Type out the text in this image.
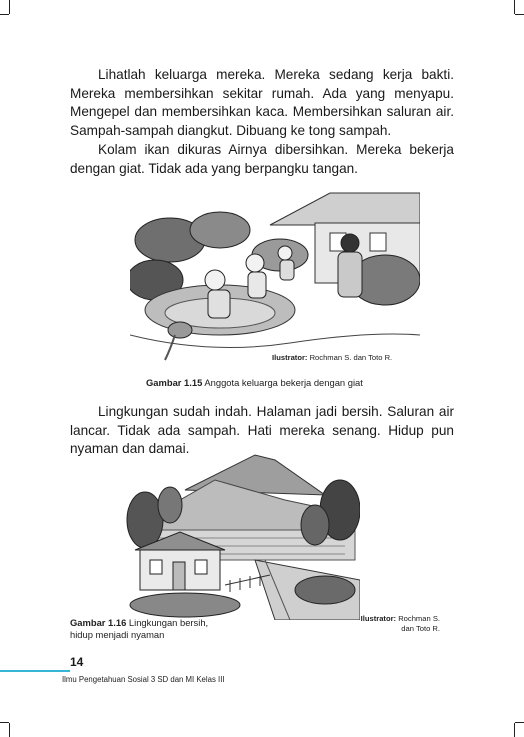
Lihatlah keluarga mereka. Mereka sedang kerja bakti.
Mereka membersihkan sekitar rumah. Ada yang menyapu.
Mengepel dan membersihkan kaca. Membersihkan saluran air.
Sampah-sampah diangkut. Dibuang ke tong sampah.

Kolam ikan dikuras Airnya dibersihkan. Mereka bekerja
dengan giat. Tidak ada yang berpangku tangan.

Ilustrator: Rochman S. dan Toto R.
Gambar 1.15 Anggota keluarga bekerja dengan giat

Lingkungan sudah indah. Halaman jadi bersih. Saluran air
lancar. Tidak ada sampah. Hati mereka senang. Hidup pun
nyaman dan damai.

Gambar 1.16 Lingkungan bersih,
hidup menjadi nyaman
Ilustrator: Rochman S.
dan Toto R.
14
Ilmu Pengetahuan Sosial 3 SD dan MI Kelas III
